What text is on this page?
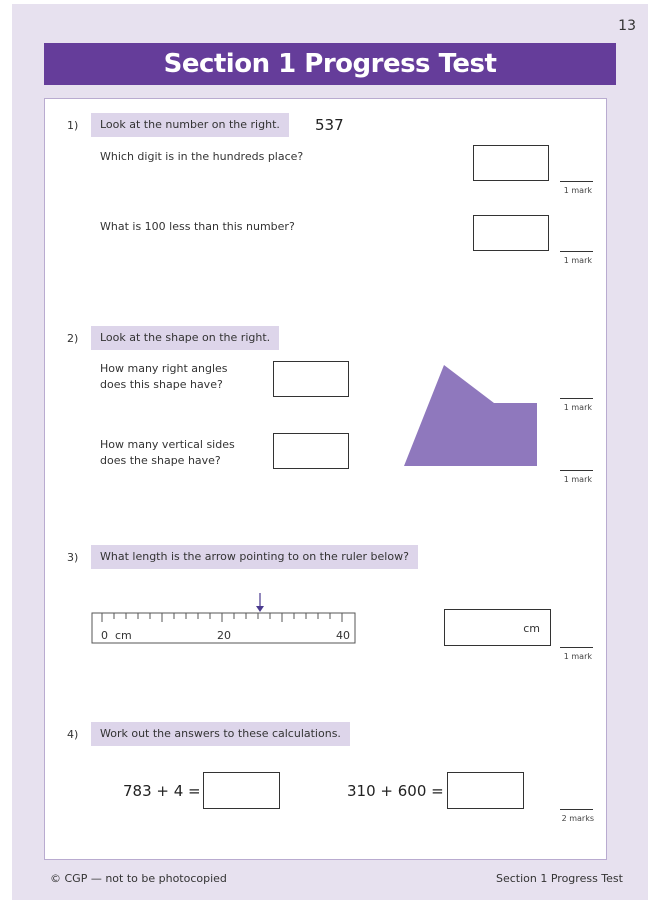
13
Section 1 Progress Test
1)	Look at the number on the right.	537
Which digit is in the hundreds place?
1 mark
What is 100 less than this number?
1 mark
2)	Look at the shape on the right.
How many right angles
does this shape have?
How many vertical sides
does the shape have?
1 mark
1 mark
3)	What length is the arrow pointing to on the ruler below?
0 cm	20	40
cm
1 mark
4)	Work out the answers to these calculations.
783 + 4 =	310 + 600 =
2 marks
© CGP — not to be photocopied	Section 1 Progress Test
